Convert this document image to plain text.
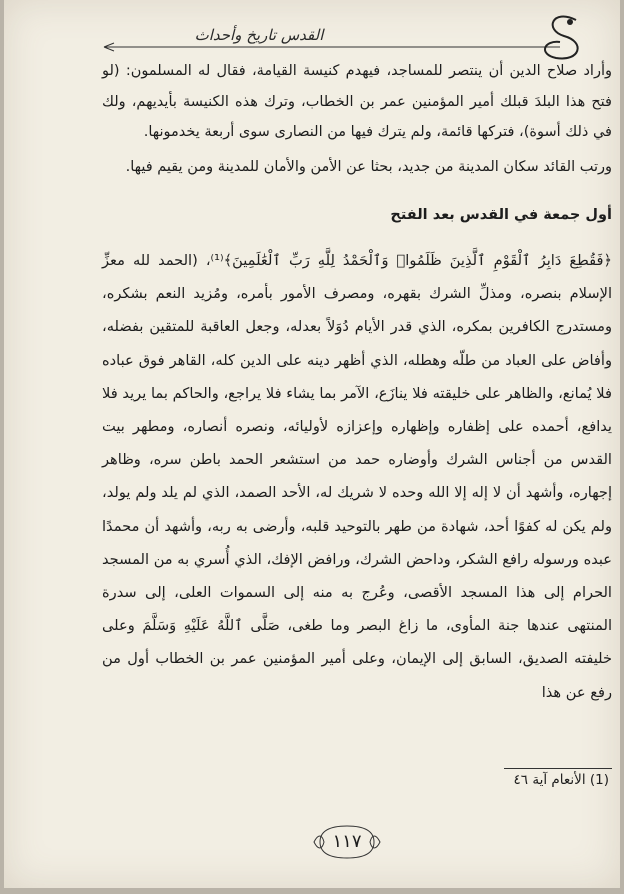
القدس تاريخ وأحداث

وأراد صلاح الدين أن ينتصر للمساجد، فيهدم كنيسة القيامة، فقال له المسلمون: (لو فتح هذا البلدَ قبلك أمير المؤمنين عمر بن الخطاب، وترك هذه الكنيسة بأيديهم، ولك في ذلك أسوة)، فتركها قائمة، ولم يترك فيها من النصارى سوى أربعة يخدمونها.

ورتب القائد سكان المدينة من جديد، بحثا عن الأمن والأمان للمدينة ومن يقيم فيها.

أول جمعة في القدس بعد الفتح

﴿فَقُطِعَ دَابِرُ ٱلْقَوْمِ ٱلَّذِينَ ظَلَمُوا۟ وَٱلْحَمْدُ لِلَّهِ رَبِّ ٱلْعَٰلَمِينَ﴾⁽¹⁾، (الحمد لله معزِّ الإسلام بنصره، ومذلِّ الشرك بقهره، ومصرف الأمور بأمره، ومُزيد النعم بشكره، ومستدرج الكافرين بمكره، الذي قدر الأيام دُوَلاً بعدله، وجعل العاقبة للمتقين بفضله، وأفاض على العباد من طلّه وهطله، الذي أظهر دينه على الدين كله، القاهر فوق عباده فلا يُمانع، والظاهر على خليقته فلا ينازَع، الآمر بما يشاء فلا يراجع، والحاكم بما يريد فلا يدافع، أحمده على إظفاره وإظهاره وإعزازه لأوليائه، ونصره أنصاره، ومطهر بيت القدس من أجناس الشرك وأوضاره حمد من استشعر الحمد باطن سره، وظاهر إجهاره، وأشهد أن لا إله إلا الله وحده لا شريك له، الأحد الصمد، الذي لم يلد ولم يولد، ولم يكن له كفوًا أحد، شهادة من طهر بالتوحيد قلبه، وأرضى به ربه، وأشهد أن محمدًا عبده ورسوله رافع الشكر، وداحض الشرك، ورافض الإفك، الذي أُسري به من المسجد الحرام إلى هذا المسجد الأقصى، وعُرج به منه إلى السموات العلى، إلى سدرة المنتهى عندها جنة المأوى، ما زاغ البصر وما طغى، صَلَّى ٱللَّهُ عَلَيْهِ وَسَلَّمَ وعلى خليفته الصديق، السابق إلى الإيمان، وعلى أمير المؤمنين عمر بن الخطاب أول من رفع عن هذا

(1) الأنعام آية ٤٦
١١٧
